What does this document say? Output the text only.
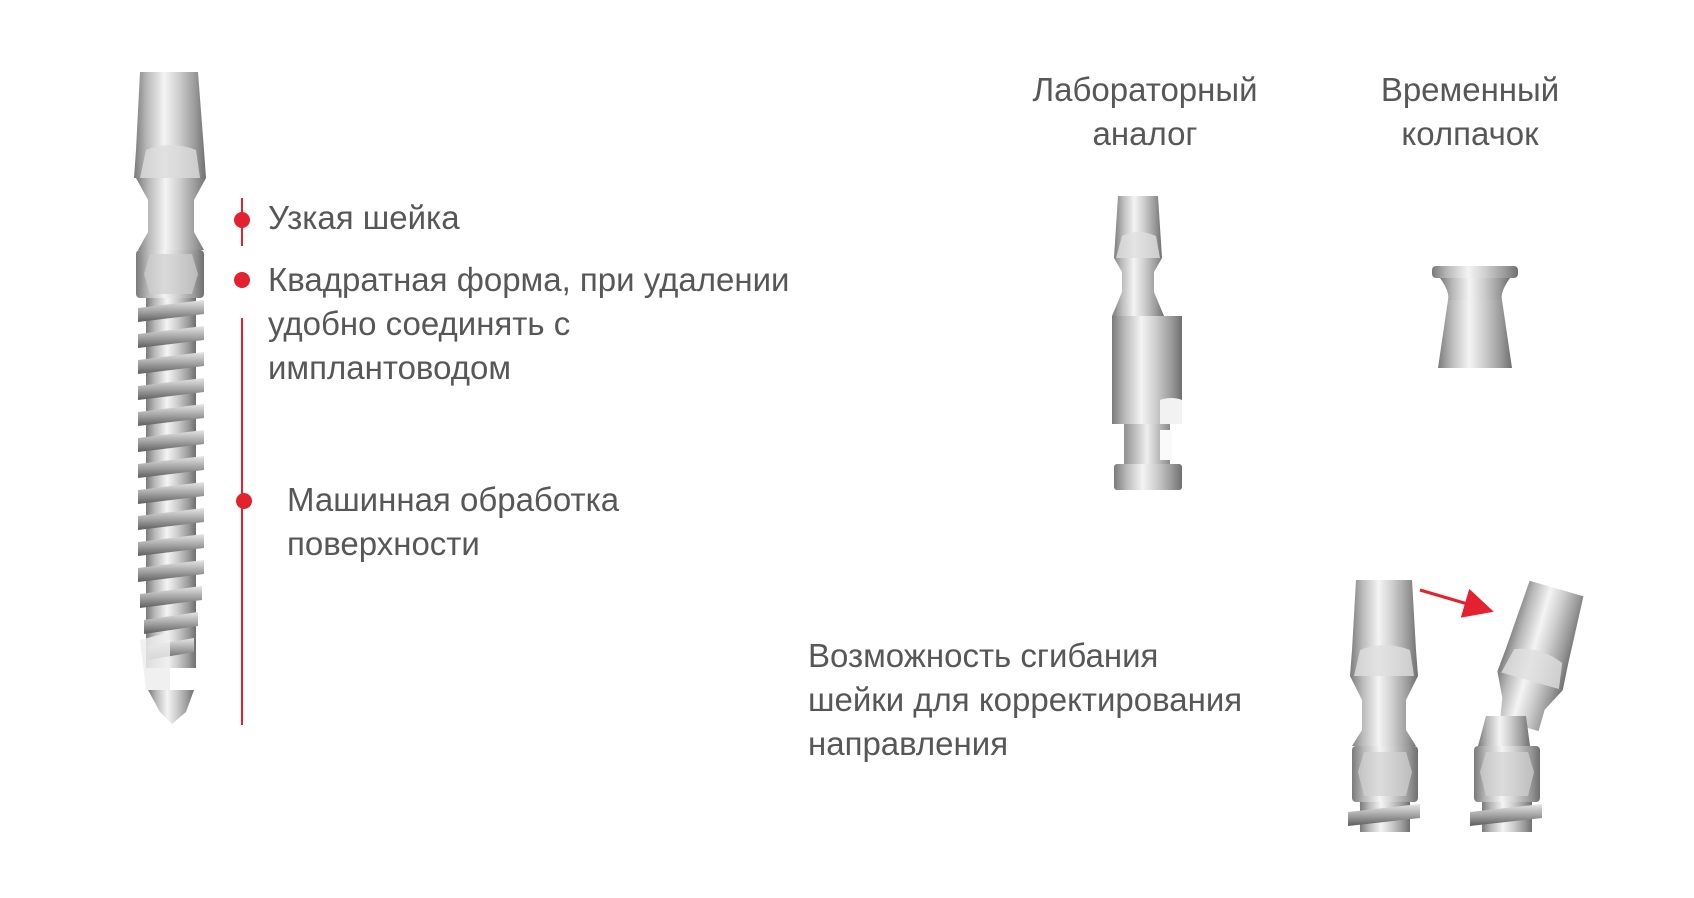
Узкая шейка
Квадратная форма, при удалении
удобно соединять с
имплантоводом
Машинная обработка
поверхности
Лабораторный
аналог
Временный
колпачок
Возможность сгибания
шейки для корректирования
направления
